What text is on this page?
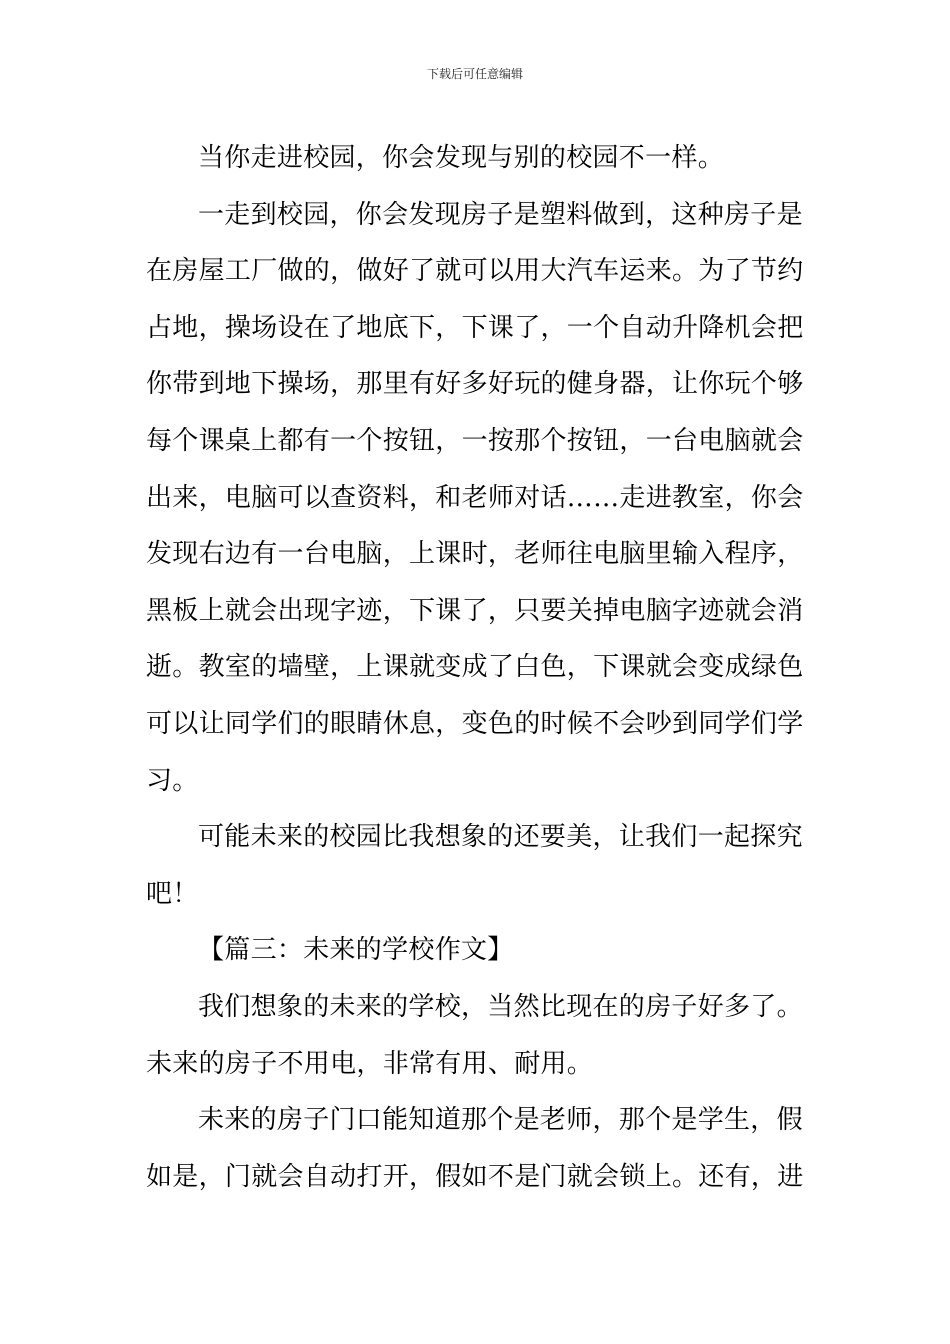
下载后可任意编辑

当你走进校园，你会发现与别的校园不一样。

一走到校园，你会发现房子是塑料做到，这种房子是
在房屋工厂做的，做好了就可以用大汽车运来。为了节约
占地，操场设在了地底下，下课了，一个自动升降机会把
你带到地下操场，那里有好多好玩的健身器，让你玩个够
每个课桌上都有一个按钮，一按那个按钮，一台电脑就会
出来，电脑可以查资料，和老师对话……走进教室，你会
发现右边有一台电脑，上课时，老师往电脑里输入程序，
黑板上就会出现字迹，下课了，只要关掉电脑字迹就会消
逝。教室的墙壁，上课就变成了白色，下课就会变成绿色
可以让同学们的眼睛休息，变色的时候不会吵到同学们学
习。

可能未来的校园比我想象的还要美，让我们一起探究
吧！

【篇三：未来的学校作文】

我们想象的未来的学校，当然比现在的房子好多了。
未来的房子不用电，非常有用、耐用。

未来的房子门口能知道那个是老师，那个是学生，假
如是，门就会自动打开，假如不是门就会锁上。还有，进
